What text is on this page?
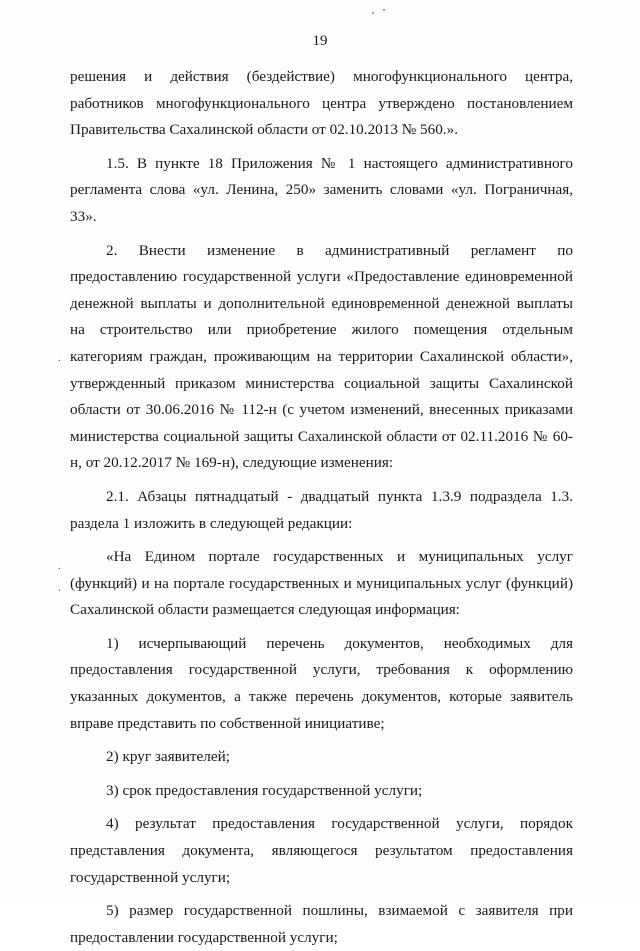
19
.
.
.

решения и действия (бездействие) многофункционального центра, работников многофункционального центра утверждено постановлением Правительства Сахалинской области от 02.10.2013 № 560.».

1.5. В пункте 18 Приложения № 1 настоящего административного регламента слова «ул. Ленина, 250» заменить словами «ул. Пограничная, 33».

2. Внести изменение в административный регламент по предоставлению государственной услуги «Предоставление единовременной денежной выплаты и дополнительной единовременной денежной выплаты на строительство или приобретение жилого помещения отдельным категориям граждан, проживающим на территории Сахалинской области», утвержденный приказом министерства социальной защиты Сахалинской области от 30.06.2016 № 112-н (с учетом изменений, внесенных приказами министерства социальной защиты Сахалинской области от 02.11.2016 № 60-н, от 20.12.2017 № 169-н), следующие изменения:

2.1. Абзацы пятнадцатый - двадцатый пункта 1.3.9 подраздела 1.3. раздела 1 изложить в следующей редакции:

«На Едином портале государственных и муниципальных услуг (функций) и на портале государственных и муниципальных услуг (функций) Сахалинской области размещается следующая информация:

1) исчерпывающий перечень документов, необходимых для предоставления государственной услуги, требования к оформлению указанных документов, а также перечень документов, которые заявитель вправе представить по собственной инициативе;

2) круг заявителей;

3) срок предоставления государственной услуги;

4) результат предоставления государственной услуги, порядок представления документа, являющегося результатом предоставления государственной услуги;

5) размер государственной пошлины, взимаемой с заявителя при предоставлении государственной услуги;
